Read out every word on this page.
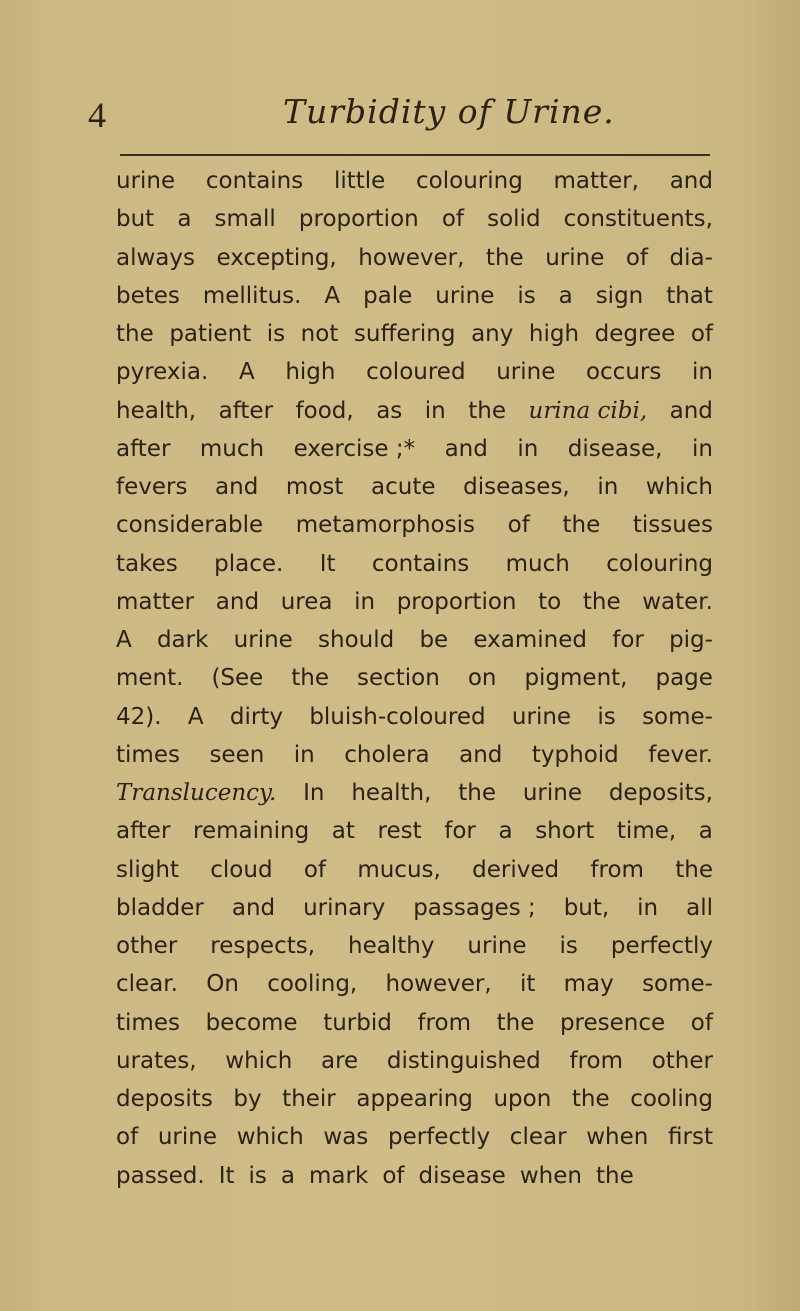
4	Turbidity of Urine.
urine contains little colouring matter, and
but a small proportion of solid constituents,
always excepting, however, the urine of dia-
betes mellitus. A pale urine is a sign that
the patient is not suffering any high degree of
pyrexia. A high coloured urine occurs in
health, after food, as in the urina cibi, and
after much exercise ;* and in disease, in
fevers and most acute diseases, in which
considerable metamorphosis of the tissues
takes place. It contains much colouring
matter and urea in proportion to the water.
A dark urine should be examined for pig-
ment. (See the section on pigment, page
42). A dirty bluish-coloured urine is some-
times seen in cholera and typhoid fever.
Translucency. In health, the urine deposits,
after remaining at rest for a short time, a
slight cloud of mucus, derived from the
bladder and urinary passages ; but, in all
other respects, healthy urine is perfectly
clear. On cooling, however, it may some-
times become turbid from the presence of
urates, which are distinguished from other
deposits by their appearing upon the cooling
of urine which was perfectly clear when first
passed. It is a mark of disease when the
